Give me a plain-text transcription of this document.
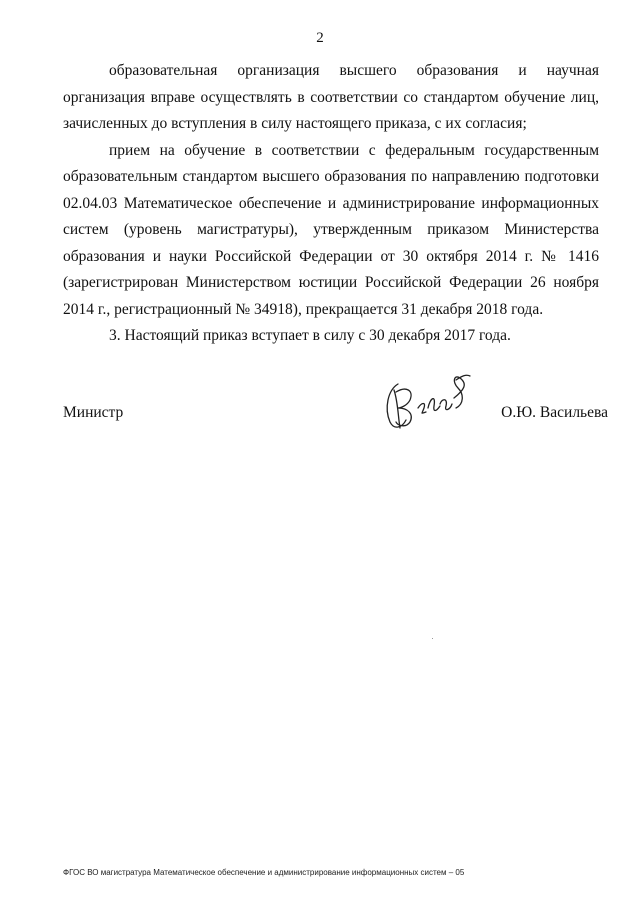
2

образовательная организация высшего образования и научная организация вправе осуществлять в соответствии со стандартом обучение лиц, зачисленных до вступления в силу настоящего приказа, с их согласия;

прием на обучение в соответствии с федеральным государственным образовательным стандартом высшего образования по направлению подготовки 02.04.03 Математическое обеспечение и администрирование информационных систем (уровень магистратуры), утвержденным приказом Министерства образования и науки Российской Федерации от 30 октября 2014 г. № 1416 (зарегистрирован Министерством юстиции Российской Федерации 26 ноября 2014 г., регистрационный № 34918), прекращается 31 декабря 2018 года.

3. Настоящий приказ вступает в силу с 30 декабря 2017 года.

Министр	О.Ю. Васильева
ФГОС ВО магистратура Математическое обеспечение и администрирование информационных систем – 05
